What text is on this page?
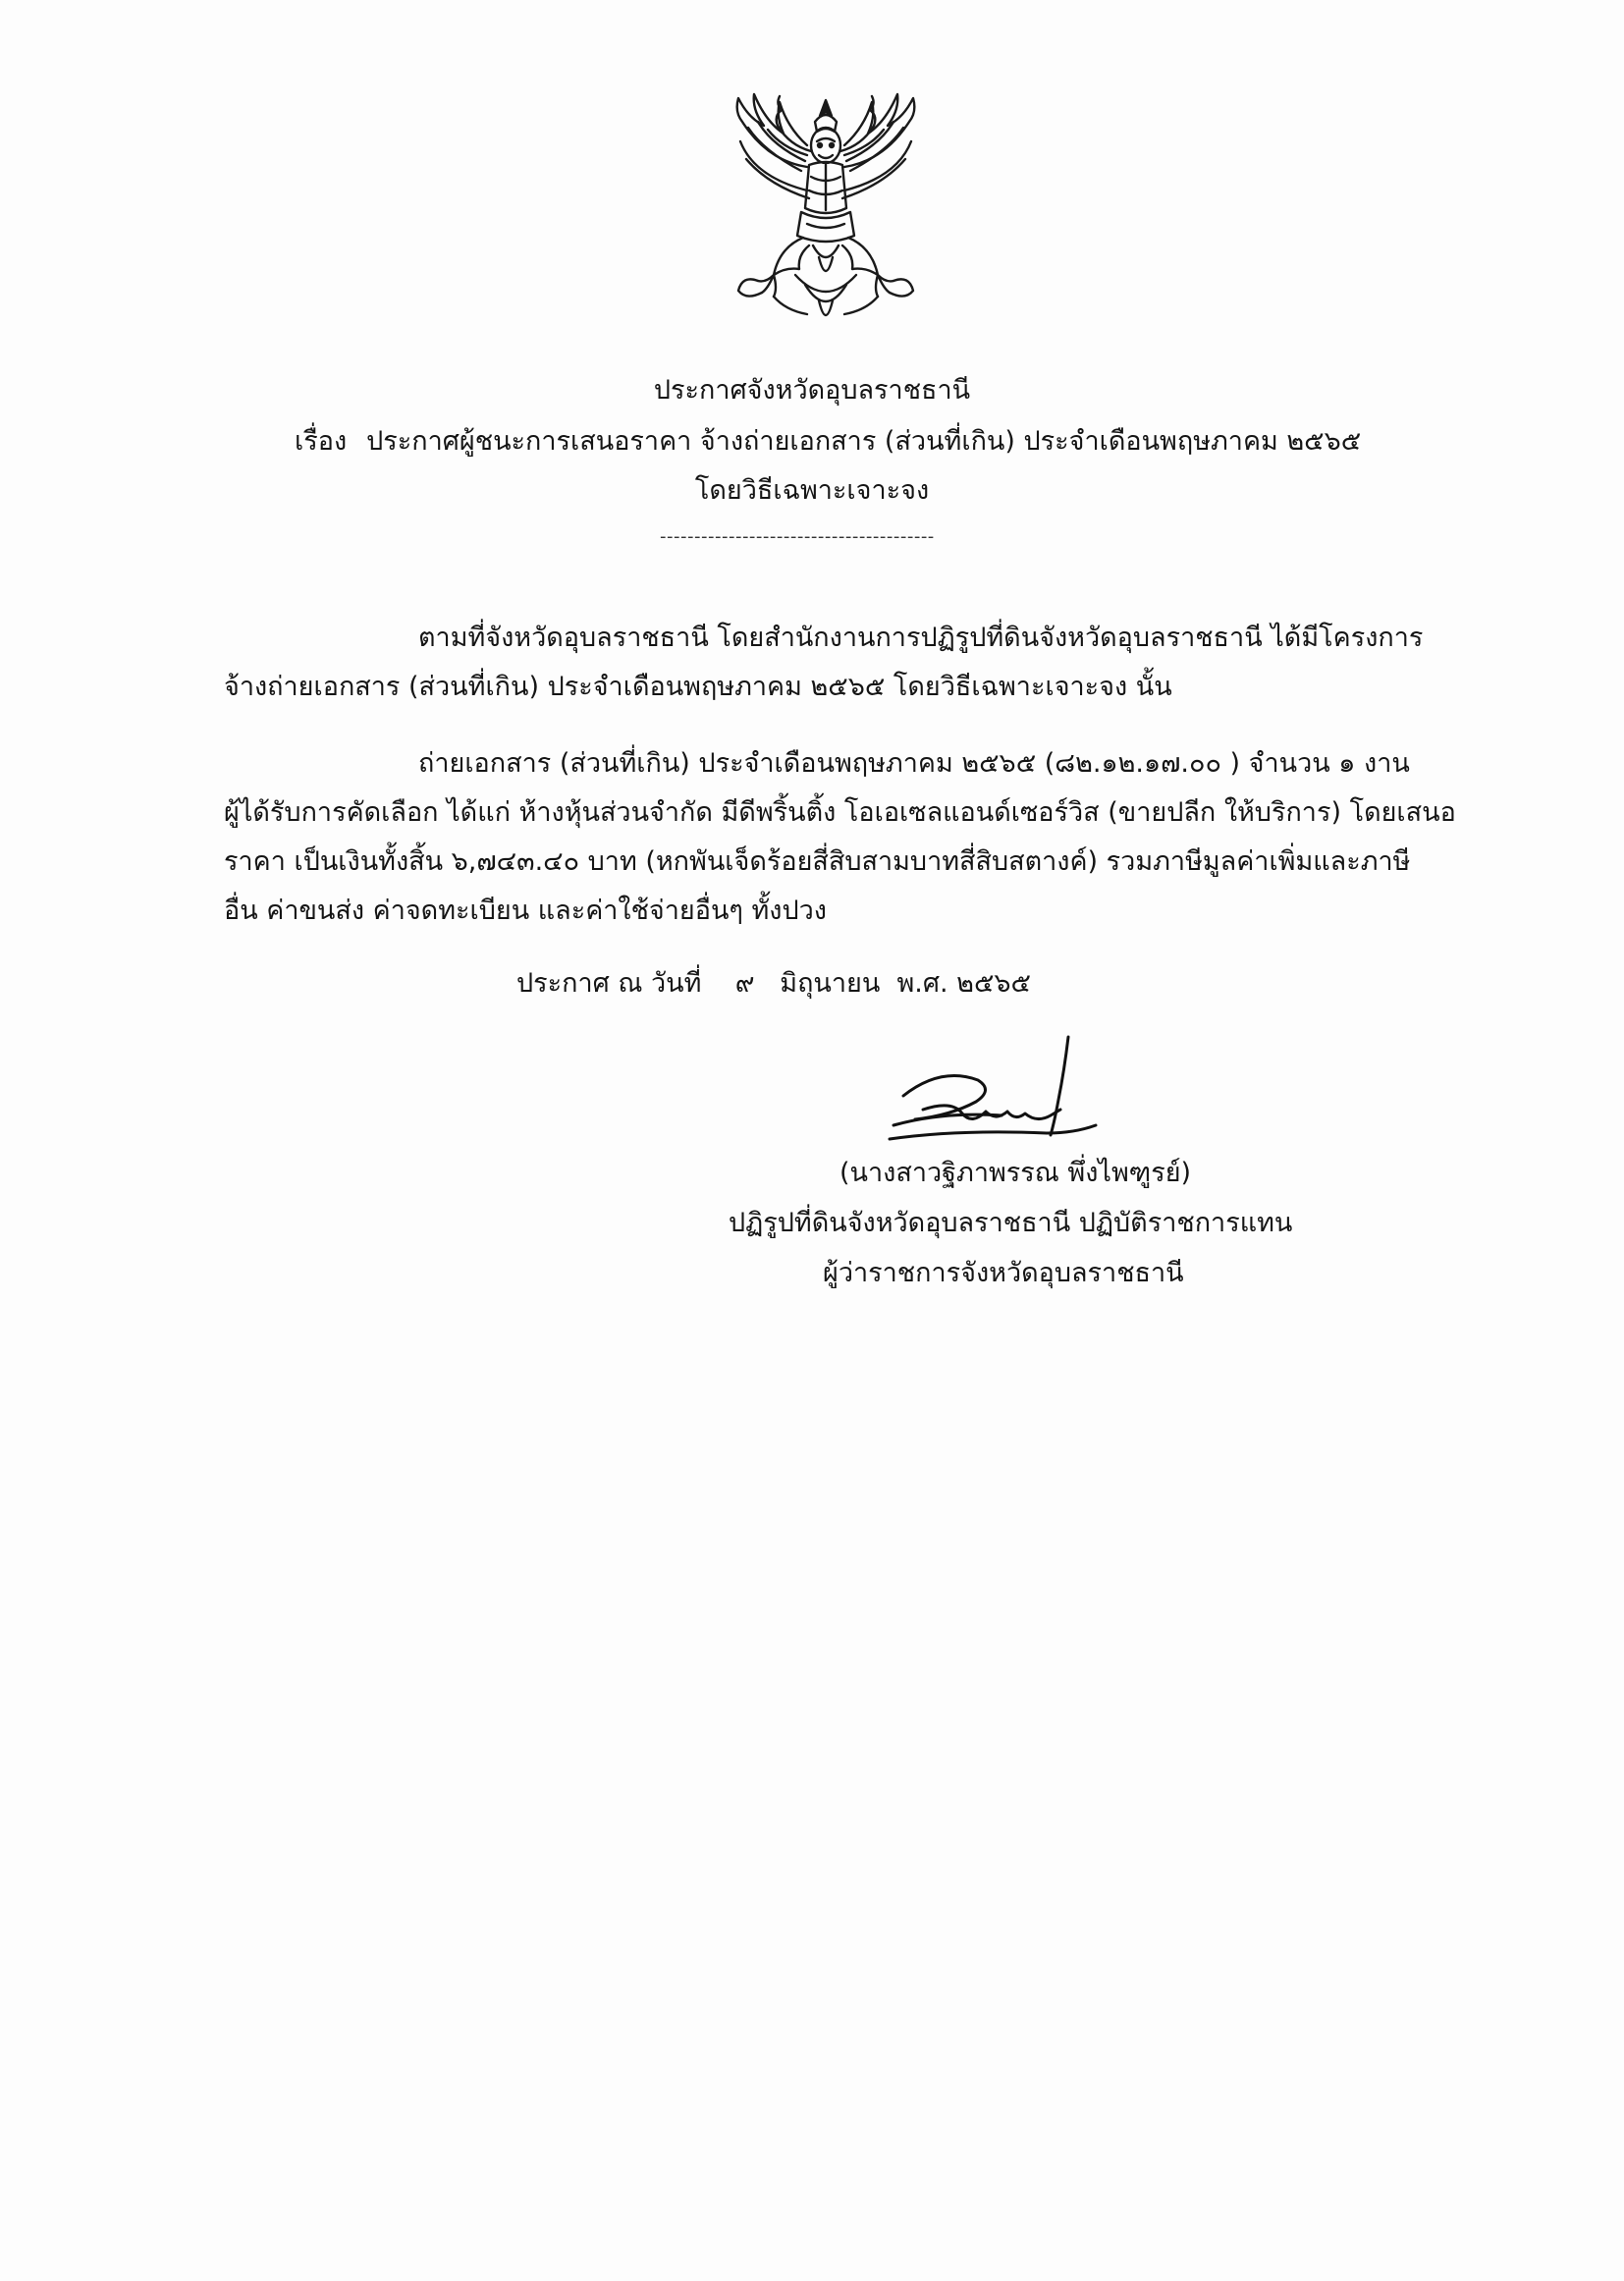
ประกาศจังหวัดอุบลราชธานี
เรื่อง ประกาศผู้ชนะการเสนอราคา จ้างถ่ายเอกสาร (ส่วนที่เกิน) ประจำเดือนพฤษภาคม ๒๕๖๕
โดยวิธีเฉพาะเจาะจง
----------------------------------------
ตามที่จังหวัดอุบลราชธานี โดยสำนักงานการปฏิรูปที่ดินจังหวัดอุบลราชธานี ได้มีโครงการ
จ้างถ่ายเอกสาร (ส่วนที่เกิน) ประจำเดือนพฤษภาคม ๒๕๖๕ โดยวิธีเฉพาะเจาะจง นั้น
ถ่ายเอกสาร (ส่วนที่เกิน) ประจำเดือนพฤษภาคม ๒๕๖๕ (๘๒.๑๒.๑๗.๐๐ ) จำนวน ๑ งาน
ผู้ได้รับการคัดเลือก ได้แก่ ห้างหุ้นส่วนจำกัด มีดีพริ้นติ้ง โอเอเซลแอนด์เซอร์วิส (ขายปลีก ให้บริการ) โดยเสนอ
ราคา เป็นเงินทั้งสิ้น ๖,๗๔๓.๔๐ บาท (หกพันเจ็ดร้อยสี่สิบสามบาทสี่สิบสตางค์) รวมภาษีมูลค่าเพิ่มและภาษี
อื่น ค่าขนส่ง ค่าจดทะเบียน และค่าใช้จ่ายอื่นๆ ทั้งปวง
ประกาศ ณ วันที่    ๙   มิถุนายน  พ.ศ. ๒๕๖๕
(นางสาวฐิภาพรรณ พึ่งไพฑูรย์)
ปฏิรูปที่ดินจังหวัดอุบลราชธานี ปฏิบัติราชการแทน
ผู้ว่าราชการจังหวัดอุบลราชธานี
